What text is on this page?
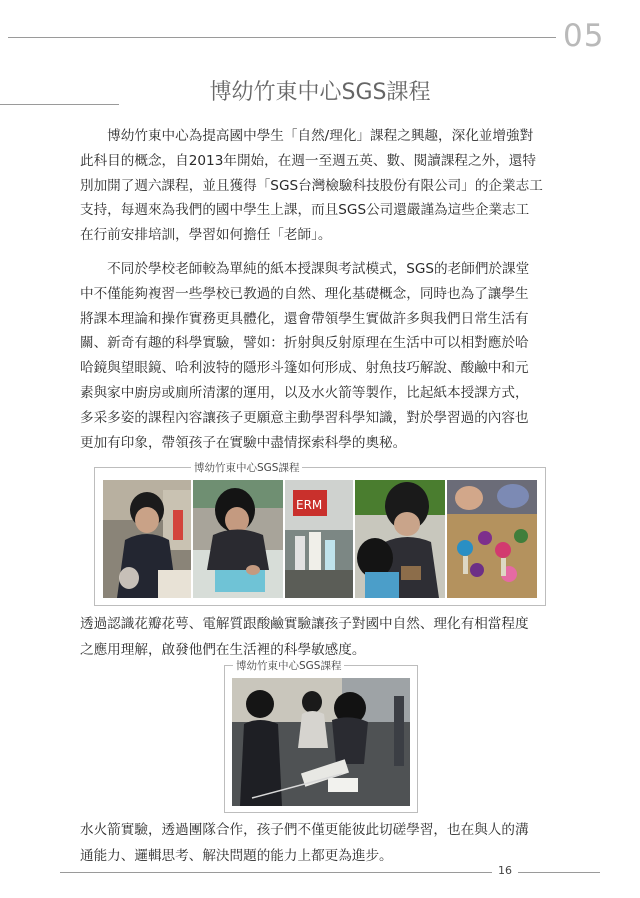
05
博幼竹東中心SGS課程
　　博幼竹東中心為提高國中學生「自然/理化」課程之興趣，深化並增強對
此科目的概念，自2013年開始，在週一至週五英、數、閱讀課程之外，還特
別加開了週六課程，並且獲得「SGS台灣檢驗科技股份有限公司」的企業志工
支持，每週來為我們的國中學生上課，而且SGS公司還嚴謹為這些企業志工
在行前安排培訓，學習如何擔任「老師」。
　　不同於學校老師較為單純的紙本授課與考試模式，SGS的老師們於課堂
中不僅能夠複習一些學校已教過的自然、理化基礎概念，同時也為了讓學生
將課本理論和操作實務更具體化，還會帶領學生實做許多與我們日常生活有
關、新奇有趣的科學實驗，譬如：折射與反射原理在生活中可以相對應於哈
哈鏡與望眼鏡、哈利波特的隱形斗篷如何形成、射魚技巧解說、酸鹼中和元
素與家中廚房或廁所清潔的運用，以及水火箭等製作，比起紙本授課方式，
多采多姿的課程內容讓孩子更願意主動學習科學知識，對於學習過的內容也
更加有印象，帶領孩子在實驗中盡情探索科學的奧秘。
博幼竹東中心SGS課程
ERM
透過認識花瓣花萼、電解質跟酸鹼實驗讓孩子對國中自然、理化有相當程度
之應用理解，啟發他們在生活裡的科學敏感度。
博幼竹東中心SGS課程
水火箭實驗，透過團隊合作，孩子們不僅更能彼此切磋學習，也在與人的溝
通能力、邏輯思考、解決問題的能力上都更為進步。
16
